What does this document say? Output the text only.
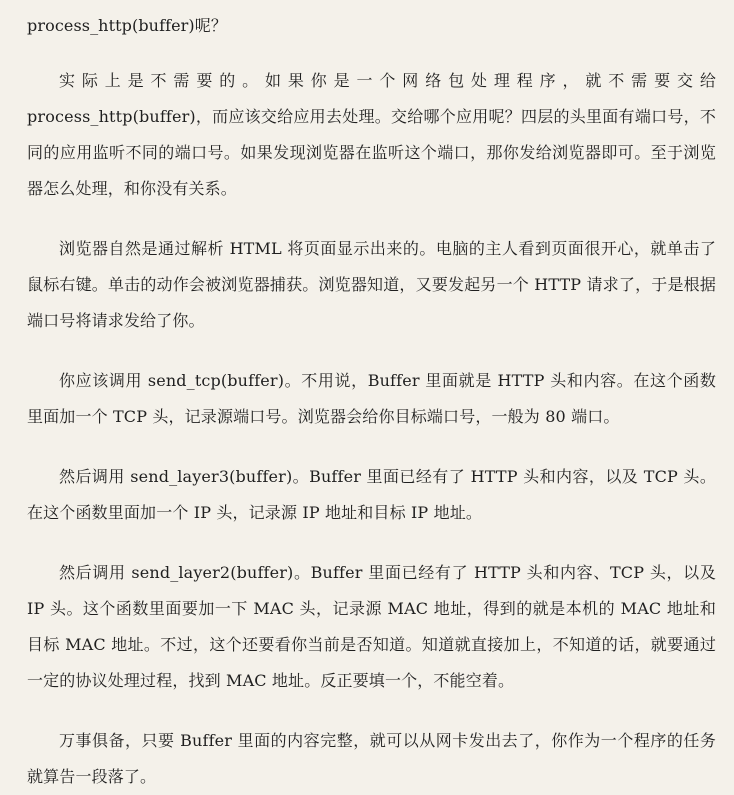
process_http(buffer)呢？

实际上是不需要的。如果你是一个网络包处理程序，就不需要交给 process_http(buffer)，而应该交给应用去处理。交给哪个应用呢？四层的头里面有端口号，不同的应用监听不同的端口号。如果发现浏览器在监听这个端口，那你发给浏览器即可。至于浏览器怎么处理，和你没有关系。

浏览器自然是通过解析 HTML 将页面显示出来的。电脑的主人看到页面很开心，就单击了鼠标右键。单击的动作会被浏览器捕获。浏览器知道，又要发起另一个 HTTP 请求了，于是根据端口号将请求发给了你。

你应该调用 send_tcp(buffer)。不用说，Buffer 里面就是 HTTP 头和内容。在这个函数里面加一个 TCP 头，记录源端口号。浏览器会给你目标端口号，一般为 80 端口。

然后调用 send_layer3(buffer)。Buffer 里面已经有了 HTTP 头和内容，以及 TCP 头。在这个函数里面加一个 IP 头，记录源 IP 地址和目标 IP 地址。

然后调用 send_layer2(buffer)。Buffer 里面已经有了 HTTP 头和内容、TCP 头，以及 IP 头。这个函数里面要加一下 MAC 头，记录源 MAC 地址，得到的就是本机的 MAC 地址和目标 MAC 地址。不过，这个还要看你当前是否知道。知道就直接加上，不知道的话，就要通过一定的协议处理过程，找到 MAC 地址。反正要填一个，不能空着。

万事俱备，只要 Buffer 里面的内容完整，就可以从网卡发出去了，你作为一个程序的任务就算告一段落了。
